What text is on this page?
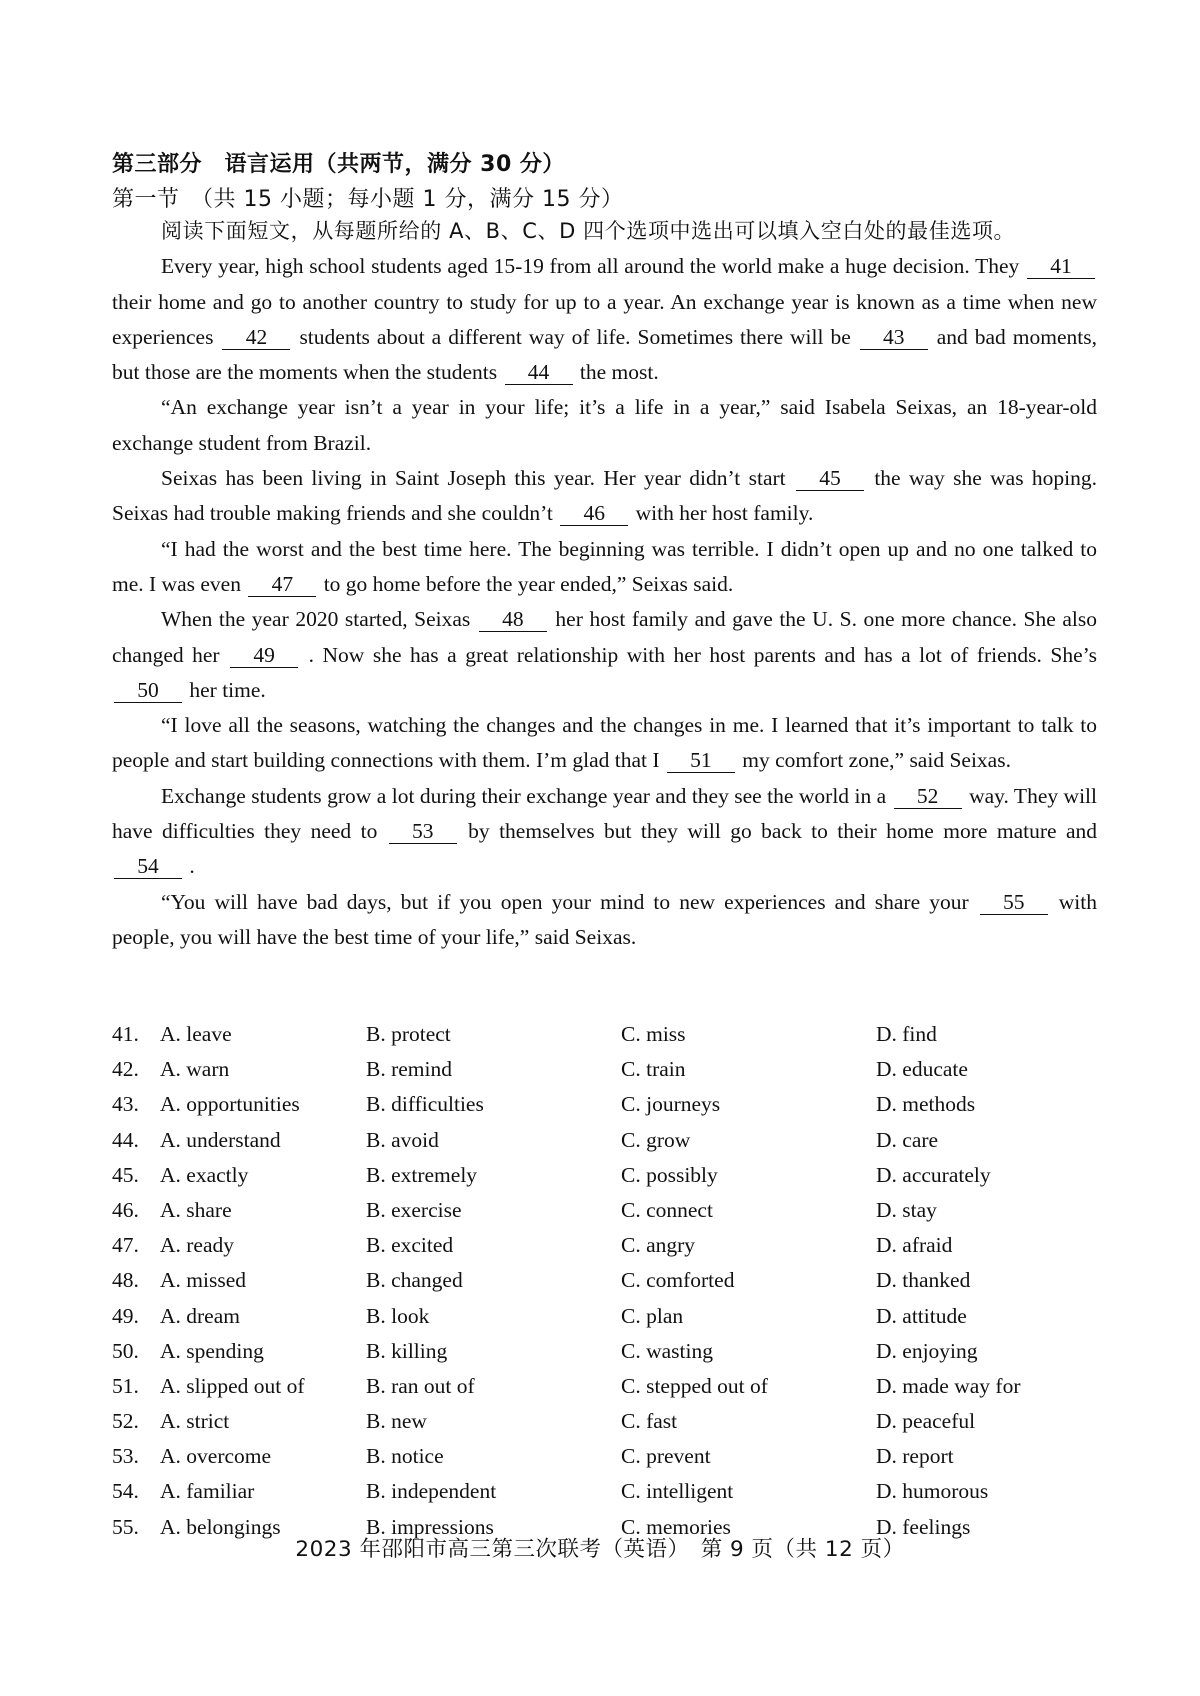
第三部分　语言运用（共两节，满分 30 分）
第一节　（共 15 小题；每小题 1 分，满分 15 分）

阅读下面短文，从每题所给的 A、B、C、D 四个选项中选出可以填入空白处的最佳选项。

Every year, high school students aged 15-19 from all around the world make a huge decision. They 41 their home and go to another country to study for up to a year. An exchange year is known as a time when new experiences 42 students about a different way of life. Sometimes there will be 43 and bad moments, but those are the moments when the students 44 the most.

“An exchange year isn’t a year in your life; it’s a life in a year,” said Isabela Seixas, an 18-year-old exchange student from Brazil.

Seixas has been living in Saint Joseph this year. Her year didn’t start 45 the way she was hoping. Seixas had trouble making friends and she couldn’t 46 with her host family.

“I had the worst and the best time here. The beginning was terrible. I didn’t open up and no one talked to me. I was even 47 to go home before the year ended,” Seixas said.

When the year 2020 started, Seixas 48 her host family and gave the U. S. one more chance. She also changed her 49 . Now she has a great relationship with her host parents and has a lot of friends. She’s 50 her time.

“I love all the seasons, watching the changes and the changes in me. I learned that it’s important to talk to people and start building connections with them. I’m glad that I 51 my comfort zone,” said Seixas.

Exchange students grow a lot during their exchange year and they see the world in a 52 way. They will have difficulties they need to 53 by themselves but they will go back to their home more mature and 54 .

“You will have bad days, but if you open your mind to new experiences and share your 55 with people, you will have the best time of your life,” said Seixas.

41. A. leave	B. protect	C. miss	D. find
42. A. warn	B. remind	C. train	D. educate
43. A. opportunities	B. difficulties	C. journeys	D. methods
44. A. understand	B. avoid	C. grow	D. care
45. A. exactly	B. extremely	C. possibly	D. accurately
46. A. share	B. exercise	C. connect	D. stay
47. A. ready	B. excited	C. angry	D. afraid
48. A. missed	B. changed	C. comforted	D. thanked
49. A. dream	B. look	C. plan	D. attitude
50. A. spending	B. killing	C. wasting	D. enjoying
51. A. slipped out of	B. ran out of	C. stepped out of	D. made way for
52. A. strict	B. new	C. fast	D. peaceful
53. A. overcome	B. notice	C. prevent	D. report
54. A. familiar	B. independent	C. intelligent	D. humorous
55. A. belongings	B. impressions	C. memories	D. feelings
2023 年邵阳市高三第三次联考（英语）　第 9 页（共 12 页）
